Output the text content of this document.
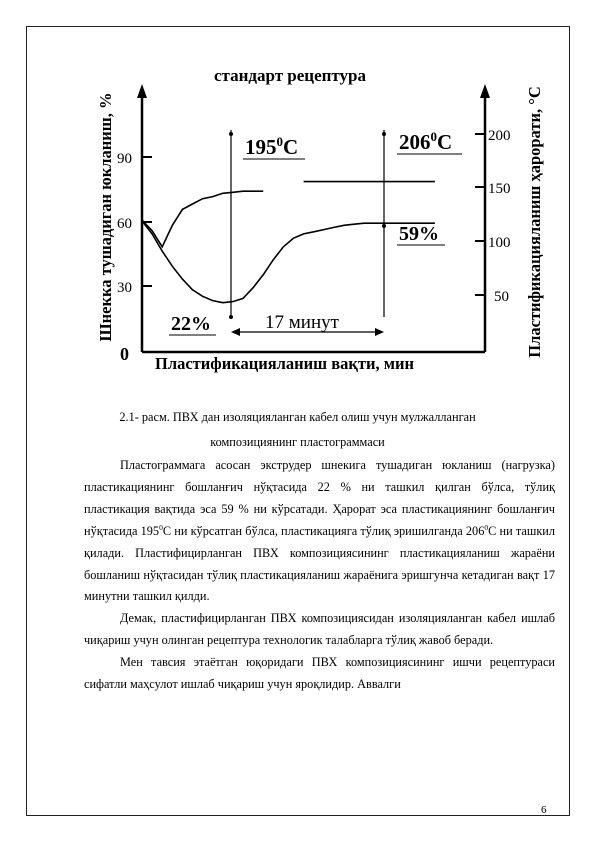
стандарт рецептура
0
30
60
90
50
100
150
200
Шнекка тушадиган юкланиш, %	Пластификацияланиш ҳарорати, °C
Пластификацияланиш вақти, мин
$195^0C$	$206^0C$
59%
22%	17 минут
2.1- расм. ПВХ дан изоляцияланган кабел олиш учун мулжалланган
композициянинг пластограммаси

Пластограммага асосан экструдер шнекига тушадиган юкланиш (нагрузка) пластикациянинг бошланғич нўқтасида 22 % ни ташкил қилган бўлса, тўлиқ пластикация вақтида эса 59 % ни кўрсатади. Ҳарорат эса пластикациянинг бошланғич нўқтасида $195^0С$ ни кўрсатган бўлса, пластикацияга тўлиқ эришилганда $206^0С$ ни ташкил қилади. Пластифицирланган ПВХ композициясининг пластикацияланиш жараёни бошланиш нўқтасидан тўлиқ пластикацияланиш жараёнига эришгунча кетадиган вақт 17 минутни ташкил қилди.

Демак, пластифицирланган ПВХ композициясидан изоляцияланган кабел ишлаб чиқариш учун олинган рецептура технологик талабларга тўлиқ жавоб беради.

Мен тавсия этаётган юқоридаги ПВХ композициясининг ишчи рецептураси сифатли маҳсулот ишлаб чиқариш учун яроқлидир. Аввалги

6
